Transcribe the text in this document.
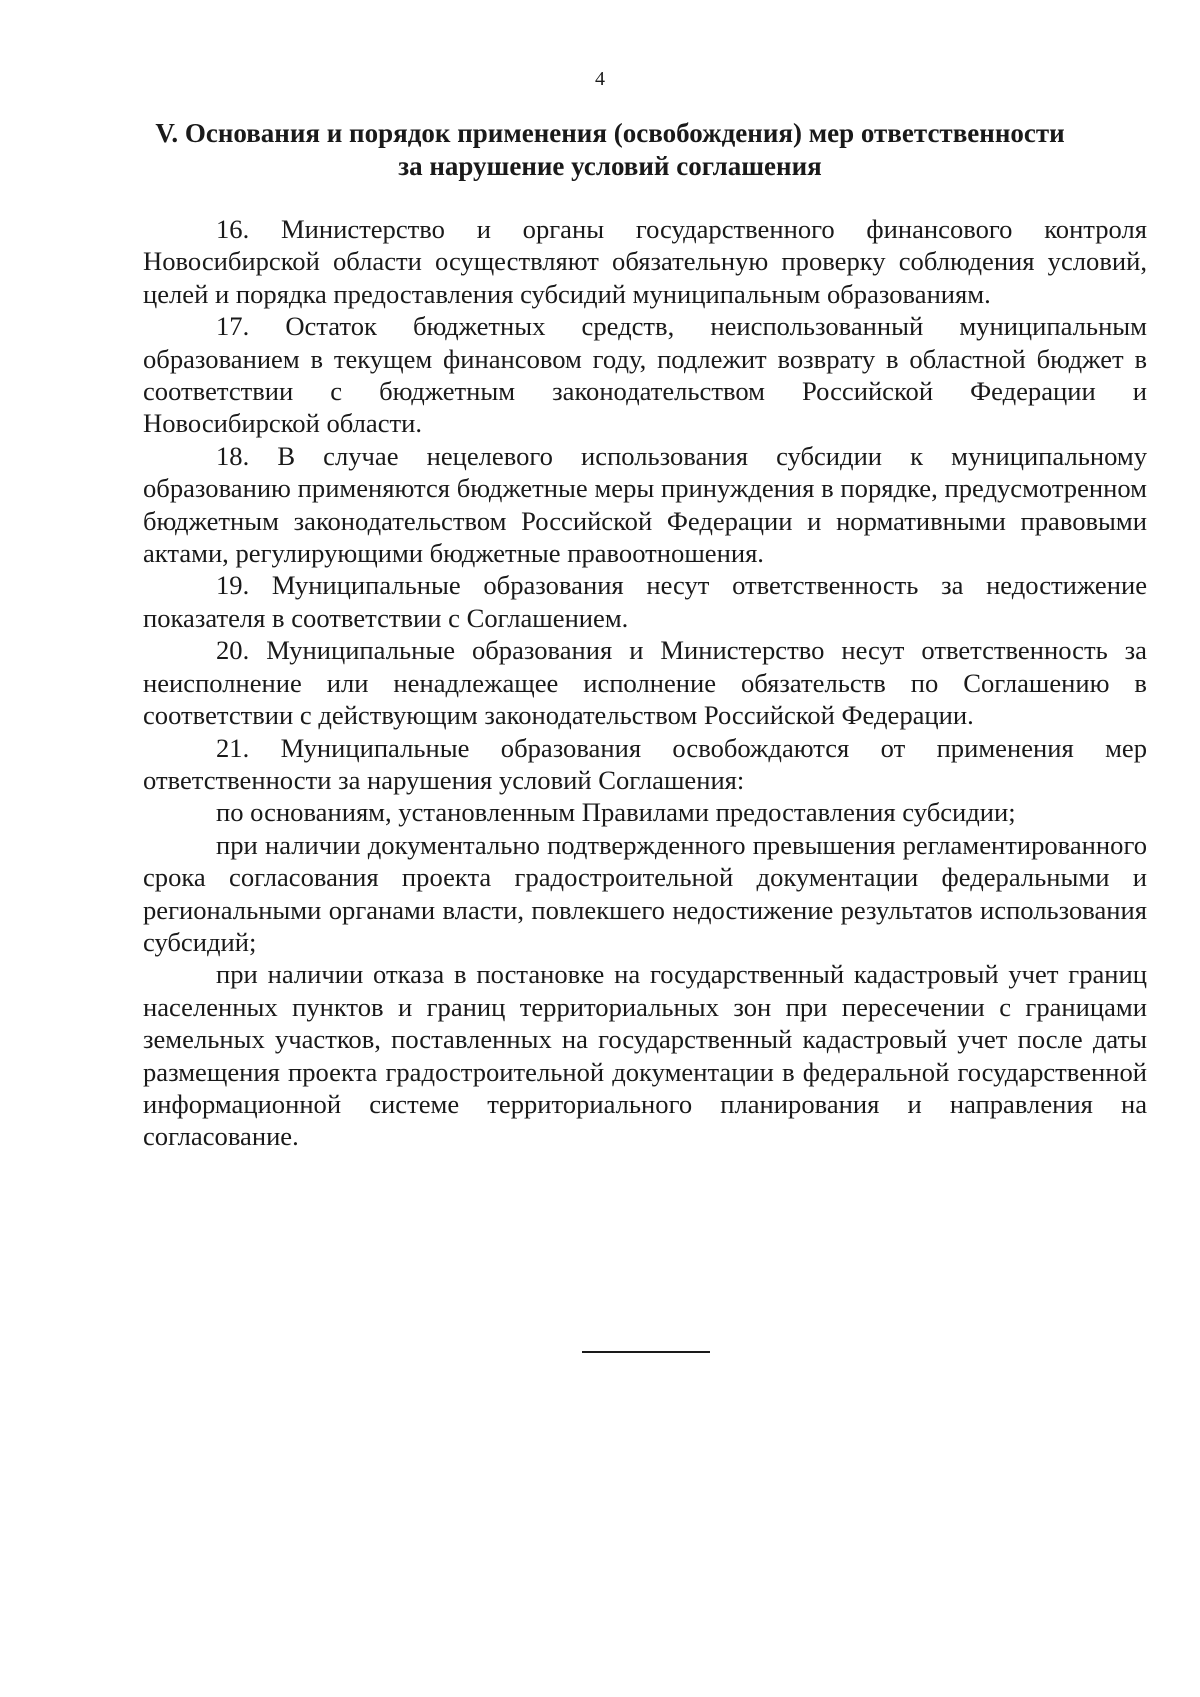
4
V. Основания и порядок применения (освобождения) мер ответственности
за нарушение условий соглашения

16. Министерство и органы государственного финансового контроля Новосибирской области осуществляют обязательную проверку соблюдения условий, целей и порядка предоставления субсидий муниципальным образованиям.

17. Остаток бюджетных средств, неиспользованный муниципальным образованием в текущем финансовом году, подлежит возврату в областной бюджет в соответствии с бюджетным законодательством Российской Федерации и Новосибирской области.

18. В случае нецелевого использования субсидии к муниципальному образованию применяются бюджетные меры принуждения в порядке, предусмотренном бюджетным законодательством Российской Федерации и нормативными правовыми актами, регулирующими бюджетные правоотношения.

19. Муниципальные образования несут ответственность за недостижение показателя в соответствии с Соглашением.

20. Муниципальные образования и Министерство несут ответственность за неисполнение или ненадлежащее исполнение обязательств по Соглашению в соответствии с действующим законодательством Российской Федерации.

21. Муниципальные образования освобождаются от применения мер ответственности за нарушения условий Соглашения:

по основаниям, установленным Правилами предоставления субсидии;

при наличии документально подтвержденного превышения регламентированного срока согласования проекта градостроительной документации федеральными и региональными органами власти, повлекшего недостижение результатов использования субсидий;

при наличии отказа в постановке на государственный кадастровый учет границ населенных пунктов и границ территориальных зон при пересечении с границами земельных участков, поставленных на государственный кадастровый учет после даты размещения проекта градостроительной документации в федеральной государственной информационной системе территориального планирования и направления на согласование.
